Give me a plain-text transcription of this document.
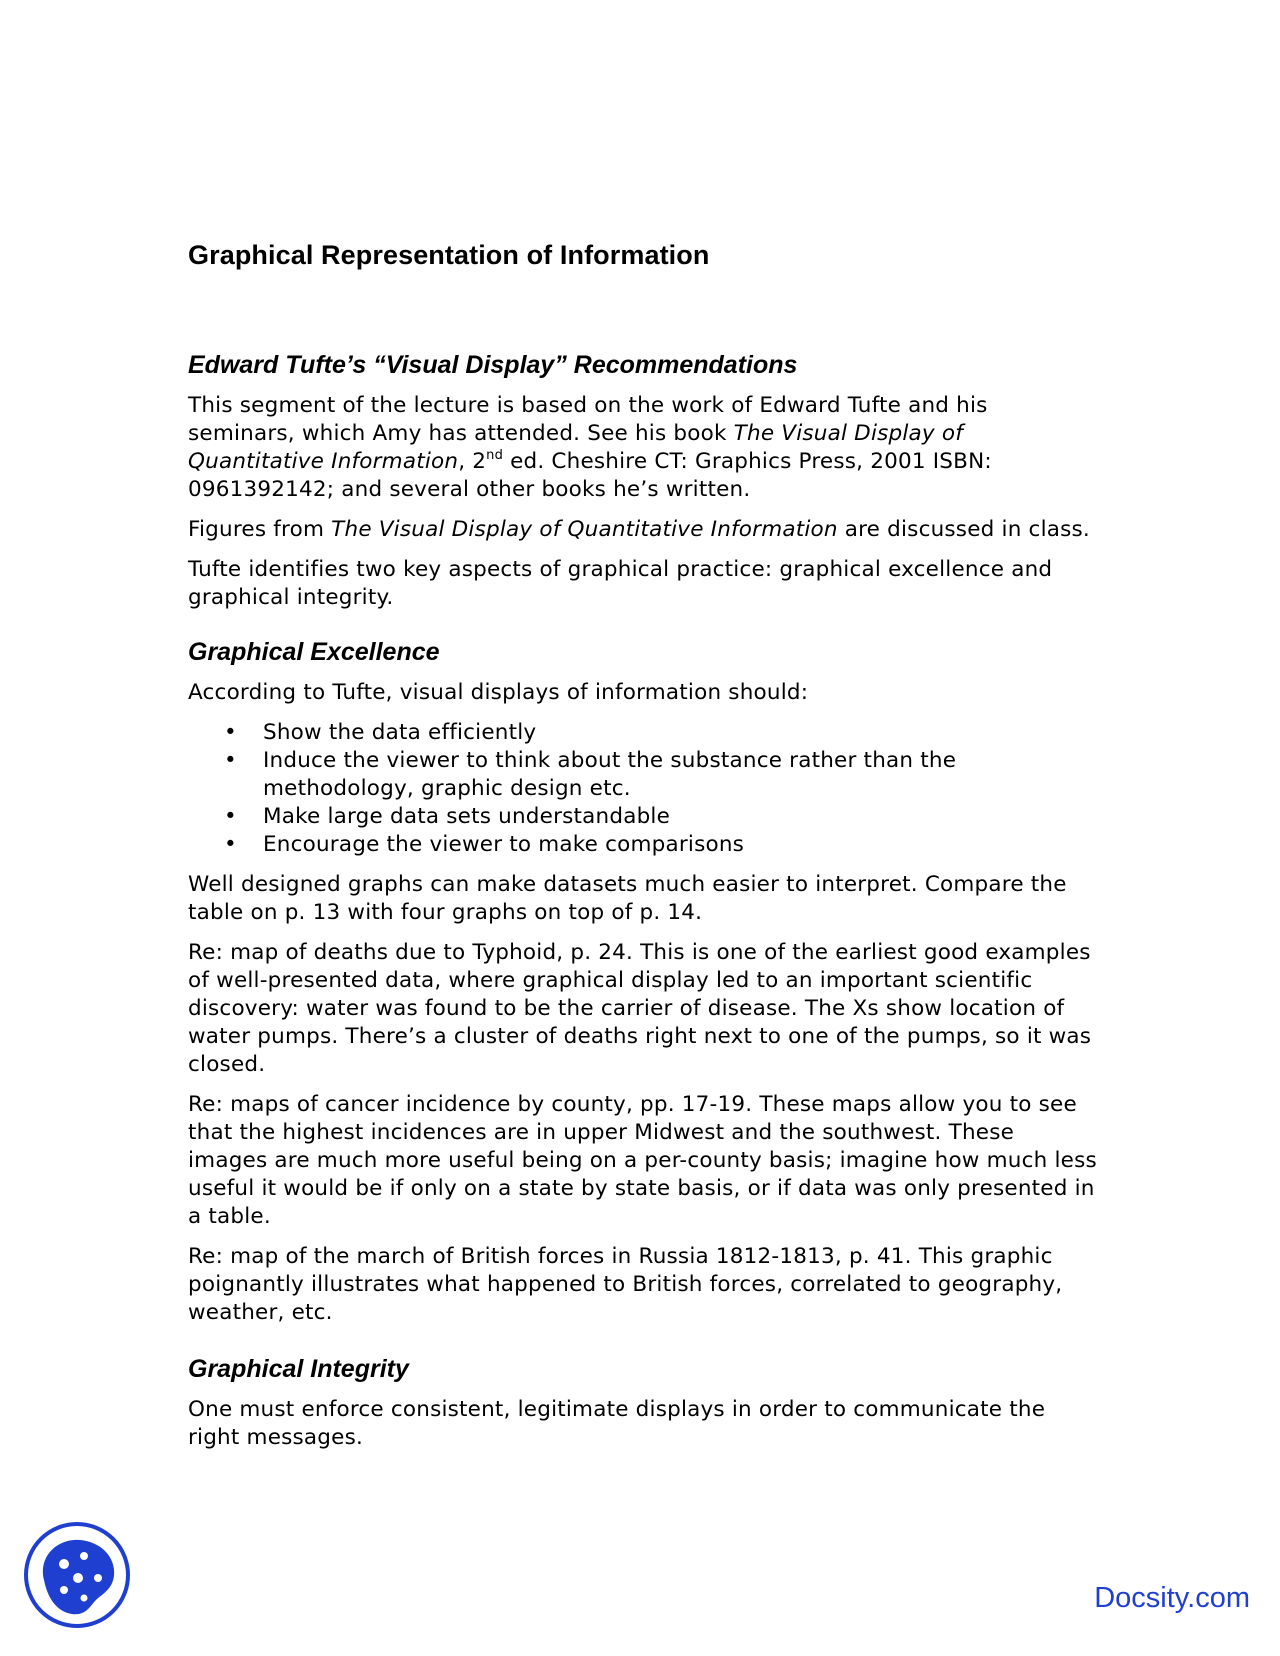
Graphical Representation of Information
Edward Tufte’s “Visual Display” Recommendations

This segment of the lecture is based on the work of Edward Tufte and his seminars, which Amy has attended. See his book The Visual Display of Quantitative Information, 2nd ed. Cheshire CT: Graphics Press, 2001 ISBN: 0961392142; and several other books he’s written.

Figures from The Visual Display of Quantitative Information are discussed in class.

Tufte identifies two key aspects of graphical practice: graphical excellence and graphical integrity.

Graphical Excellence

According to Tufte, visual displays of information should:

• Show the data efficiently
• Induce the viewer to think about the substance rather than the methodology, graphic design etc.
• Make large data sets understandable
• Encourage the viewer to make comparisons

Well designed graphs can make datasets much easier to interpret. Compare the table on p. 13 with four graphs on top of p. 14.

Re: map of deaths due to Typhoid, p. 24. This is one of the earliest good examples of well-presented data, where graphical display led to an important scientific discovery: water was found to be the carrier of disease. The Xs show location of water pumps. There’s a cluster of deaths right next to one of the pumps, so it was closed.

Re: maps of cancer incidence by county, pp. 17-19. These maps allow you to see that the highest incidences are in upper Midwest and the southwest. These images are much more useful being on a per-county basis; imagine how much less useful it would be if only on a state by state basis, or if data was only presented in a table.

Re: map of the march of British forces in Russia 1812-1813, p. 41. This graphic poignantly illustrates what happened to British forces, correlated to geography, weather, etc.

Graphical Integrity

One must enforce consistent, legitimate displays in order to communicate the right messages.

Docsity.com
